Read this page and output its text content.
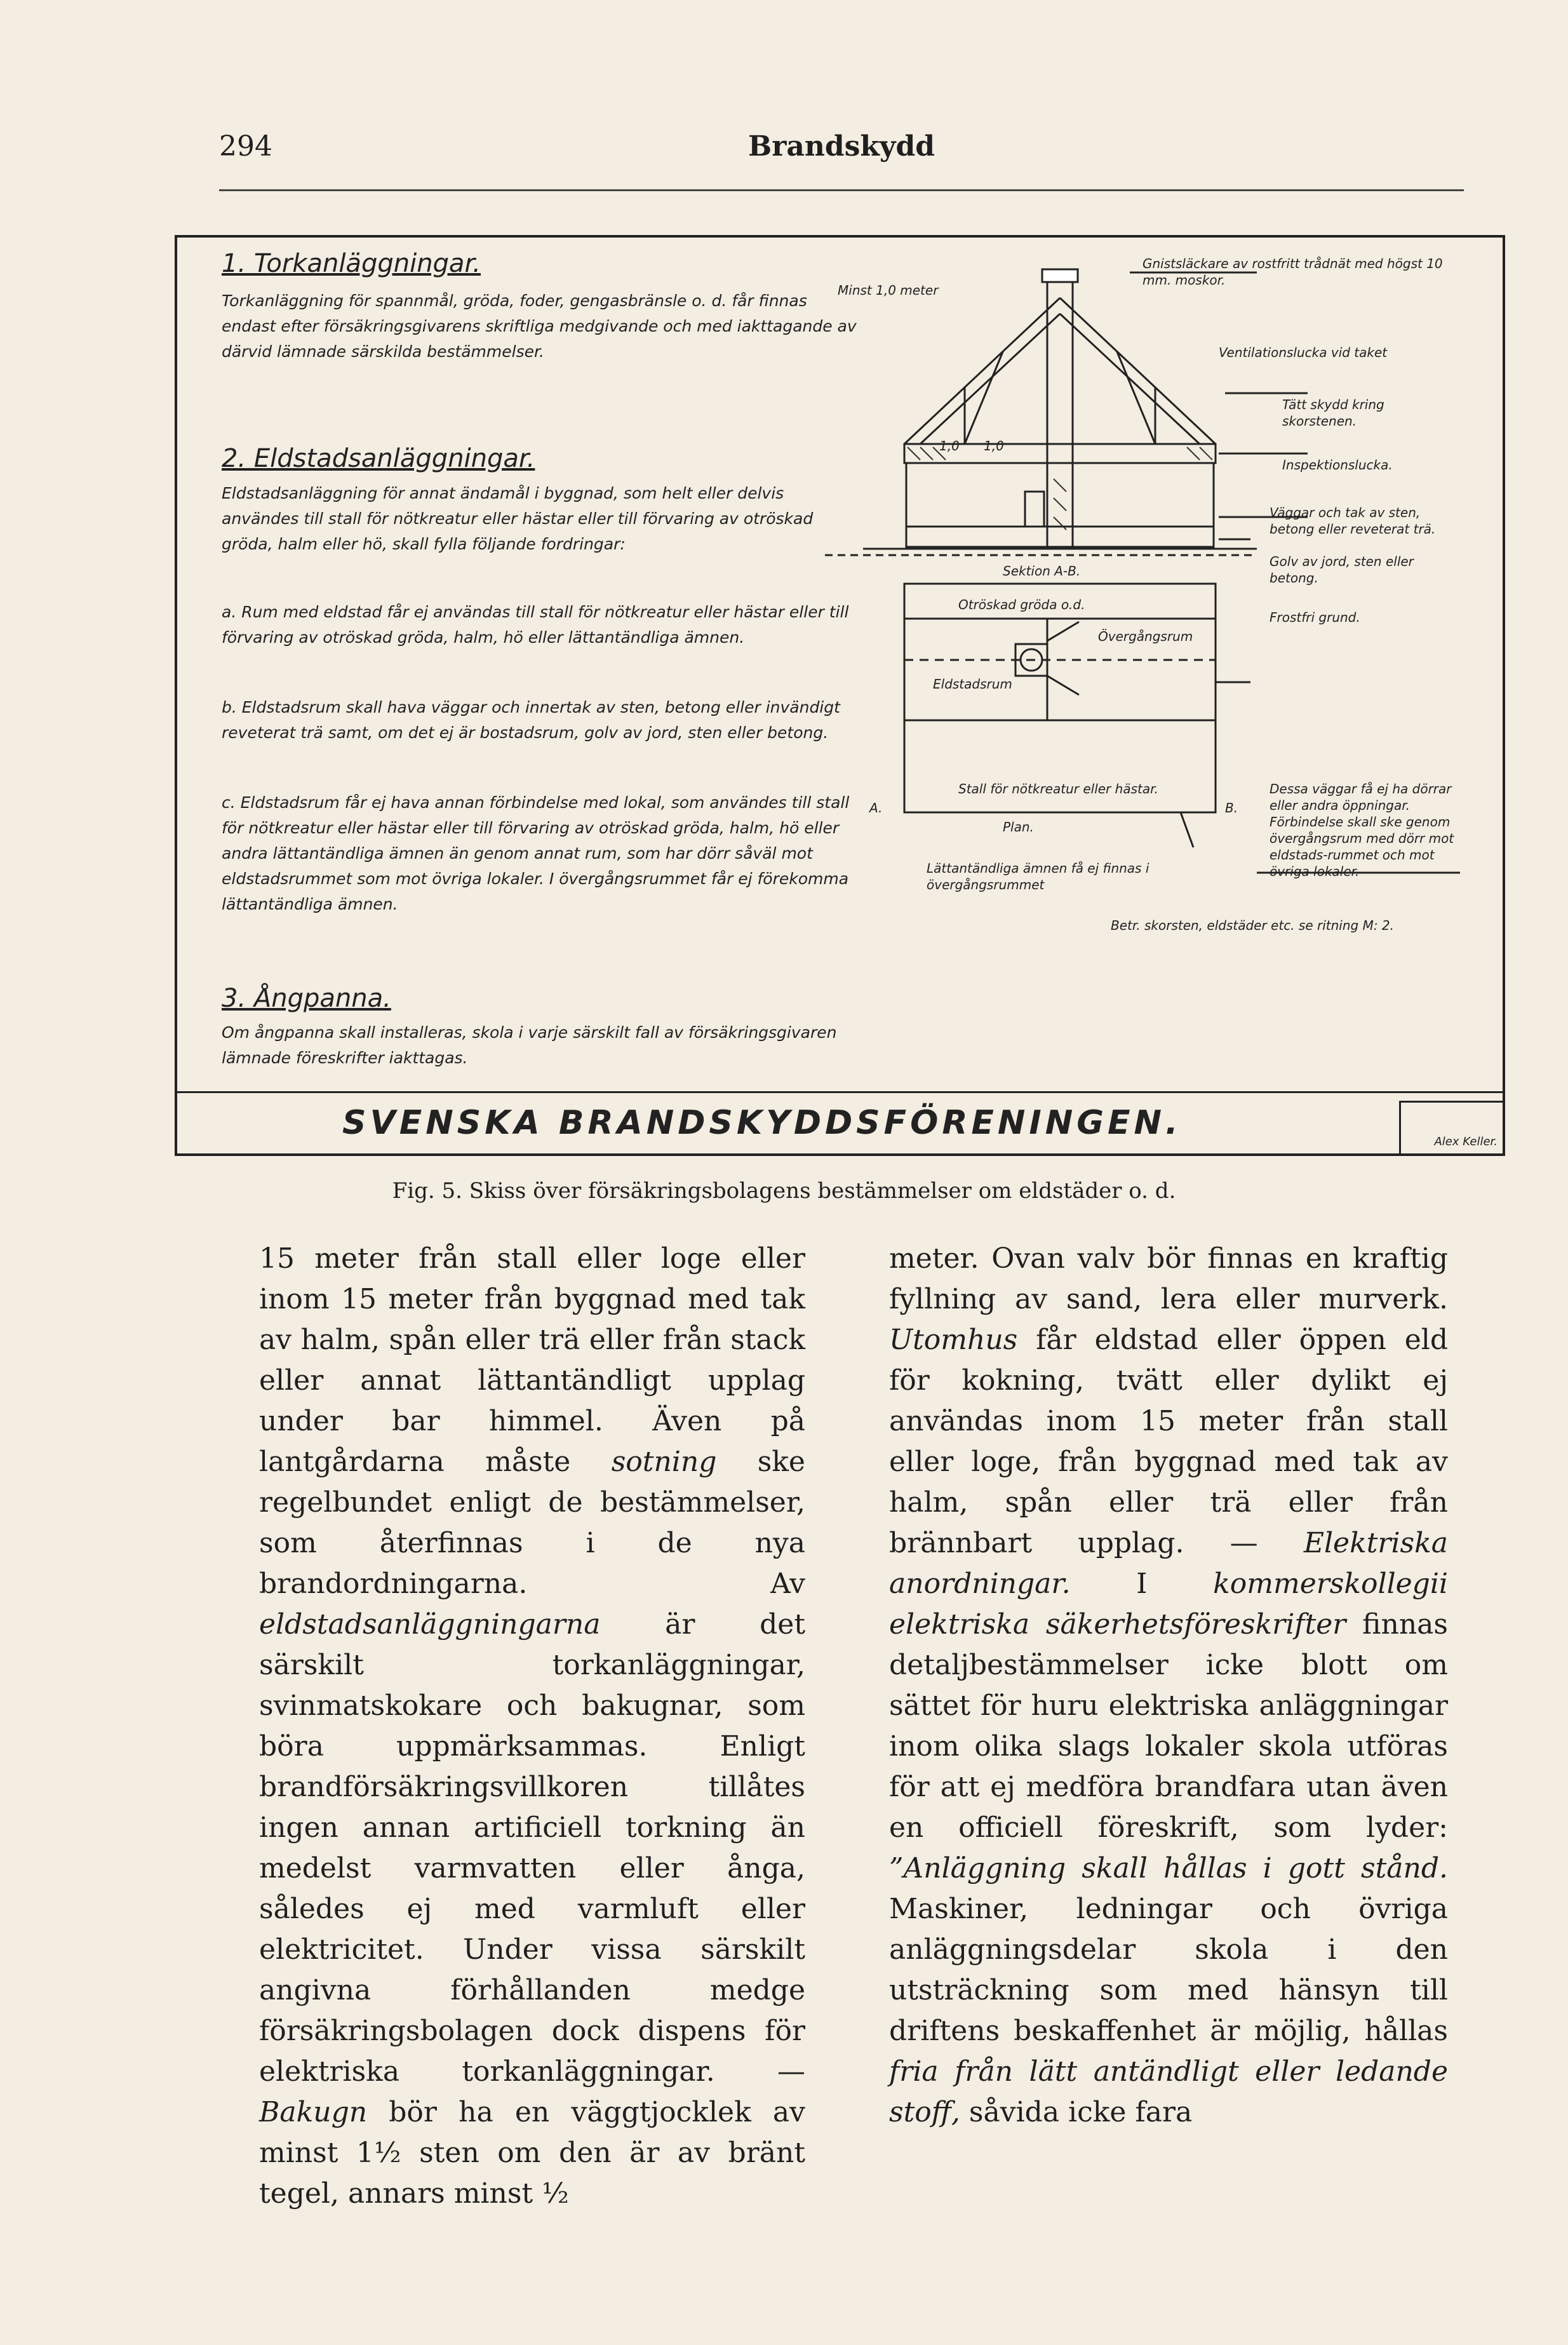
294	Brandskydd
1. Torkanläggningar.

Torkanläggning för spannmål, gröda, foder, gengasbränsle o. d. får finnas endast efter försäkringsgivarens skriftliga medgivande och med iakttagande av därvid lämnade särskilda bestämmelser.

2. Eldstadsanläggningar.

Eldstadsanläggning för annat ändamål i byggnad, som helt eller delvis användes till stall för nötkreatur eller hästar eller till förvaring av otröskad gröda, halm eller hö, skall fylla följande fordringar:

a. Rum med eldstad får ej användas till stall för nötkreatur eller hästar eller till förvaring av otröskad gröda, halm, hö eller lättantändliga ämnen.

b. Eldstadsrum skall hava väggar och innertak av sten, betong eller invändigt reveterat trä samt, om det ej är bostadsrum, golv av jord, sten eller betong.

c. Eldstadsrum får ej hava annan förbindelse med lokal, som användes till stall för nötkreatur eller hästar eller till förvaring av otröskad gröda, halm, hö eller andra lättantändliga ämnen än genom annat rum, som har dörr såväl mot eldstadsrummet som mot övriga lokaler. I övergångsrummet får ej förekomma lättantändliga ämnen.

3. Ångpanna.

Om ångpanna skall installeras, skola i varje särskilt fall av försäkringsgivaren lämnade föreskrifter iakttagas.

Minst 1,0 meter
Gnistsläckare av rostfritt trådnät med högst 10 mm. moskor.
Ventilationslucka vid taket
Tätt skydd kring skorstenen.
Inspektionslucka.
Väggar och tak av sten, betong eller reveterat trä.
Golv av jord, sten eller betong.
Frostfri grund.
Sektion A-B.
1,0 1,0
Otröskad gröda o.d.
Eldstadsrum
Övergångsrum
A.	B.
Stall för nötkreatur eller hästar.
Plan.
Dessa väggar få ej ha dörrar eller andra öppningar. Förbindelse skall ske genom övergångsrum med dörr mot eldstads-rummet och mot övriga lokaler.
Lättantändliga ämnen få ej finnas i övergångsrummet
Betr. skorsten, eldstäder etc. se ritning M: 2.
SVENSKA BRANDSKYDDSFÖRENINGEN.	Alex Keller.
Fig. 5. Skiss över försäkringsbolagens bestämmelser om eldstäder o. d.

15 meter från stall eller loge eller inom 15 meter från byggnad med tak av halm, spån eller trä eller från stack eller annat lättantändligt upplag under bar himmel. Även på lantgårdarna måste sotning ske regelbundet enligt de bestämmelser, som återfinnas i de nya brandordningarna. Av eldstadsanläggningarna är det särskilt torkanläggningar, svinmatskokare och bakugnar, som böra uppmärksammas. Enligt brandförsäkringsvillkoren tillåtes ingen annan artificiell torkning än medelst varmvatten eller ånga, således ej med varmluft eller elektricitet. Under vissa särskilt angivna förhållanden medge försäkringsbolagen dock dispens för elektriska torkanläggningar. — Bakugn bör ha en väggtjocklek av minst 1½ sten om den är av bränt tegel, annars minst ½

meter. Ovan valv bör finnas en kraftig fyllning av sand, lera eller murverk. Utomhus får eldstad eller öppen eld för kokning, tvätt eller dylikt ej användas inom 15 meter från stall eller loge, från byggnad med tak av halm, spån eller trä eller från brännbart upplag. — Elektriska anordningar. I kommerskollegii elektriska säkerhetsföreskrifter finnas detaljbestämmelser icke blott om sättet för huru elektriska anläggningar inom olika slags lokaler skola utföras för att ej medföra brandfara utan även en officiell föreskrift, som lyder: ”Anläggning skall hållas i gott stånd. Maskiner, ledningar och övriga anläggningsdelar skola i den utsträckning som med hänsyn till driftens beskaffenhet är möjlig, hållas fria från lätt antändligt eller ledande stoff, såvida icke fara
